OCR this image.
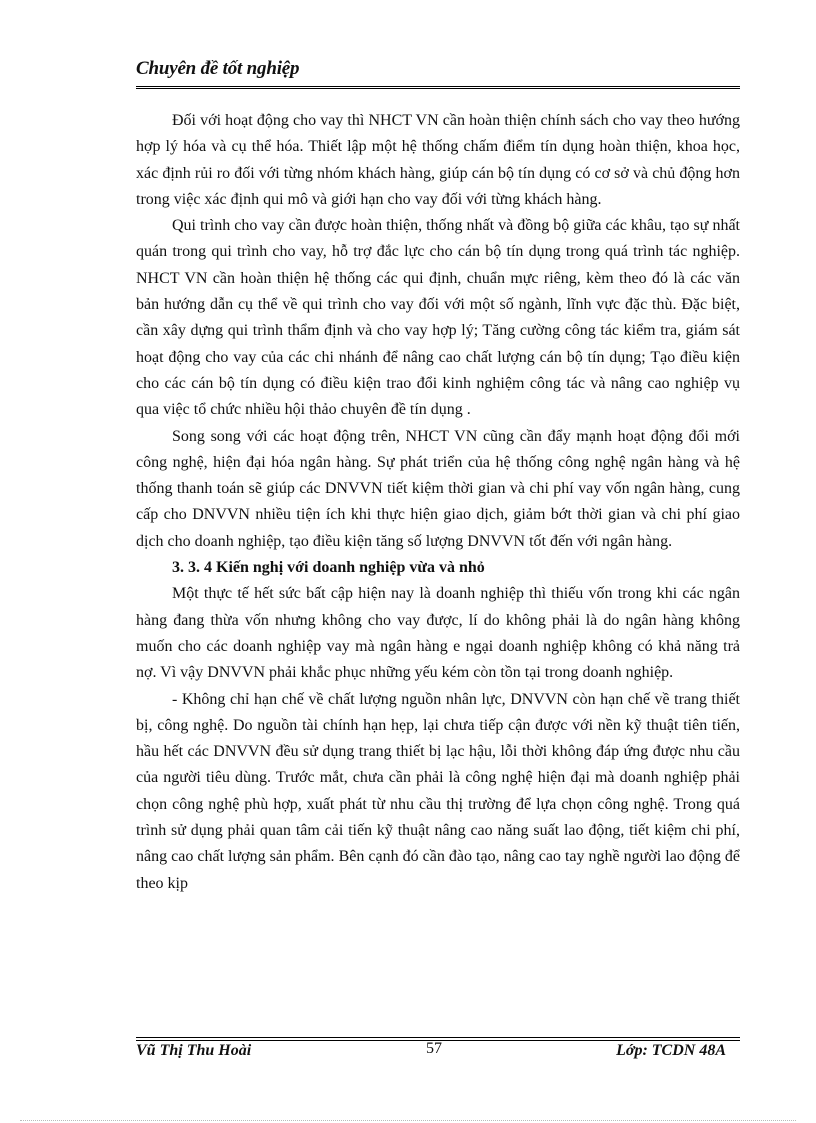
Chuyên đề tốt nghiệp

Đối với hoạt động cho vay thì NHCT VN cần hoàn thiện chính sách cho vay theo hướng hợp lý hóa và cụ thể hóa. Thiết lập một hệ thống chấm điểm tín dụng hoàn thiện, khoa học, xác định rủi ro đối với từng nhóm khách hàng, giúp cán bộ tín dụng có cơ sở và chủ động hơn trong việc xác định qui mô và giới hạn cho vay đối với từng khách hàng.

Qui trình cho vay cần được hoàn thiện, thống nhất và đồng bộ giữa các khâu, tạo sự nhất quán trong qui trình cho vay, hỗ trợ đắc lực cho cán bộ tín dụng trong quá trình tác nghiệp. NHCT VN cần hoàn thiện hệ thống các qui định, chuẩn mực riêng, kèm theo đó là các văn bản hướng dẫn cụ thể về qui trình cho vay đối với một số ngành, lĩnh vực đặc thù. Đặc biệt, cần xây dựng qui trình thẩm định và cho vay hợp lý; Tăng cường công tác kiểm tra, giám sát hoạt động cho vay của các chi nhánh để nâng cao chất lượng cán bộ tín dụng; Tạo điều kiện cho các cán bộ tín dụng có điều kiện trao đổi kinh nghiệm công tác và nâng cao nghiệp vụ qua việc tổ chức nhiều hội thảo chuyên đề tín dụng .

Song song với các hoạt động trên, NHCT VN cũng cần đẩy mạnh hoạt động đổi mới công nghệ, hiện đại hóa ngân hàng. Sự phát triển của hệ thống công nghệ ngân hàng và hệ thống thanh toán sẽ giúp các DNVVN tiết kiệm thời gian và chi phí vay vốn ngân hàng, cung cấp cho DNVVN nhiều tiện ích khi thực hiện giao dịch, giảm bớt thời gian và chi phí giao dịch cho doanh nghiệp, tạo điều kiện tăng số lượng DNVVN tốt đến với ngân hàng.

3. 3. 4 Kiến nghị với doanh nghiệp vừa và nhỏ

Một thực tế hết sức bất cập hiện nay là doanh nghiệp thì thiếu vốn trong khi các ngân hàng đang thừa vốn nhưng không cho vay được, lí do không phải là do ngân hàng không muốn cho các doanh nghiệp vay mà ngân hàng e ngại doanh nghiệp không có khả năng trả nợ. Vì vậy DNVVN phải khắc phục những yếu kém còn tồn tại trong doanh nghiệp.

- Không chỉ hạn chế về chất lượng nguồn nhân lực, DNVVN còn hạn chế về trang thiết bị, công nghệ. Do nguồn tài chính hạn hẹp, lại chưa tiếp cận được với nền kỹ thuật tiên tiến, hầu hết các DNVVN đều sử dụng trang thiết bị lạc hậu, lỗi thời không đáp ứng được nhu cầu của người tiêu dùng. Trước mắt, chưa cần phải là công nghệ hiện đại mà doanh nghiệp phải chọn công nghệ phù hợp, xuất phát từ nhu cầu thị trường để lựa chọn công nghệ. Trong quá trình sử dụng phải quan tâm cải tiến kỹ thuật nâng cao năng suất lao động, tiết kiệm chi phí, nâng cao chất lượng sản phẩm. Bên cạnh đó cần đào tạo, nâng cao tay nghề người lao động để theo kịp

Vũ Thị Thu Hoài	57	Lớp: TCDN 48A
